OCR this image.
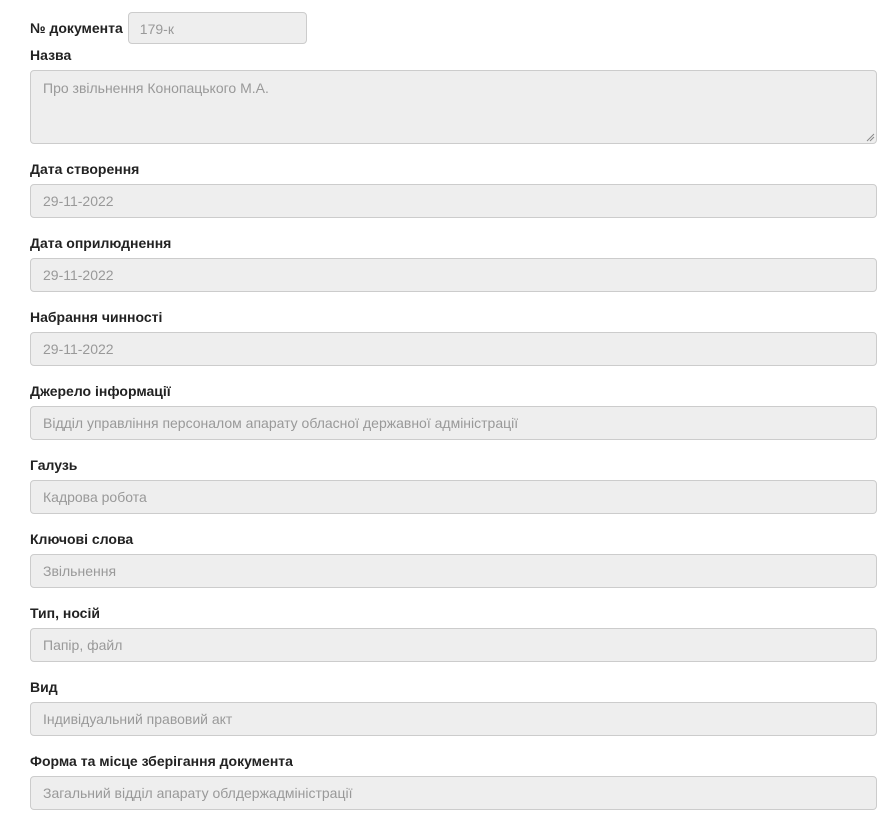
№ документа	179-к
Назва
Про звільнення Конопацького М.А.
Дата створення
29-11-2022
Дата оприлюднення
29-11-2022
Набрання чинності
29-11-2022
Джерело інформації
Відділ управління персоналом апарату обласної державної адміністрації
Галузь
Кадрова робота
Ключові слова
Звільнення
Тип, носій
Папір, файл
Вид
Індивідуальний правовий акт
Форма та місце зберігання документа
Загальний відділ апарату облдержадміністрації
